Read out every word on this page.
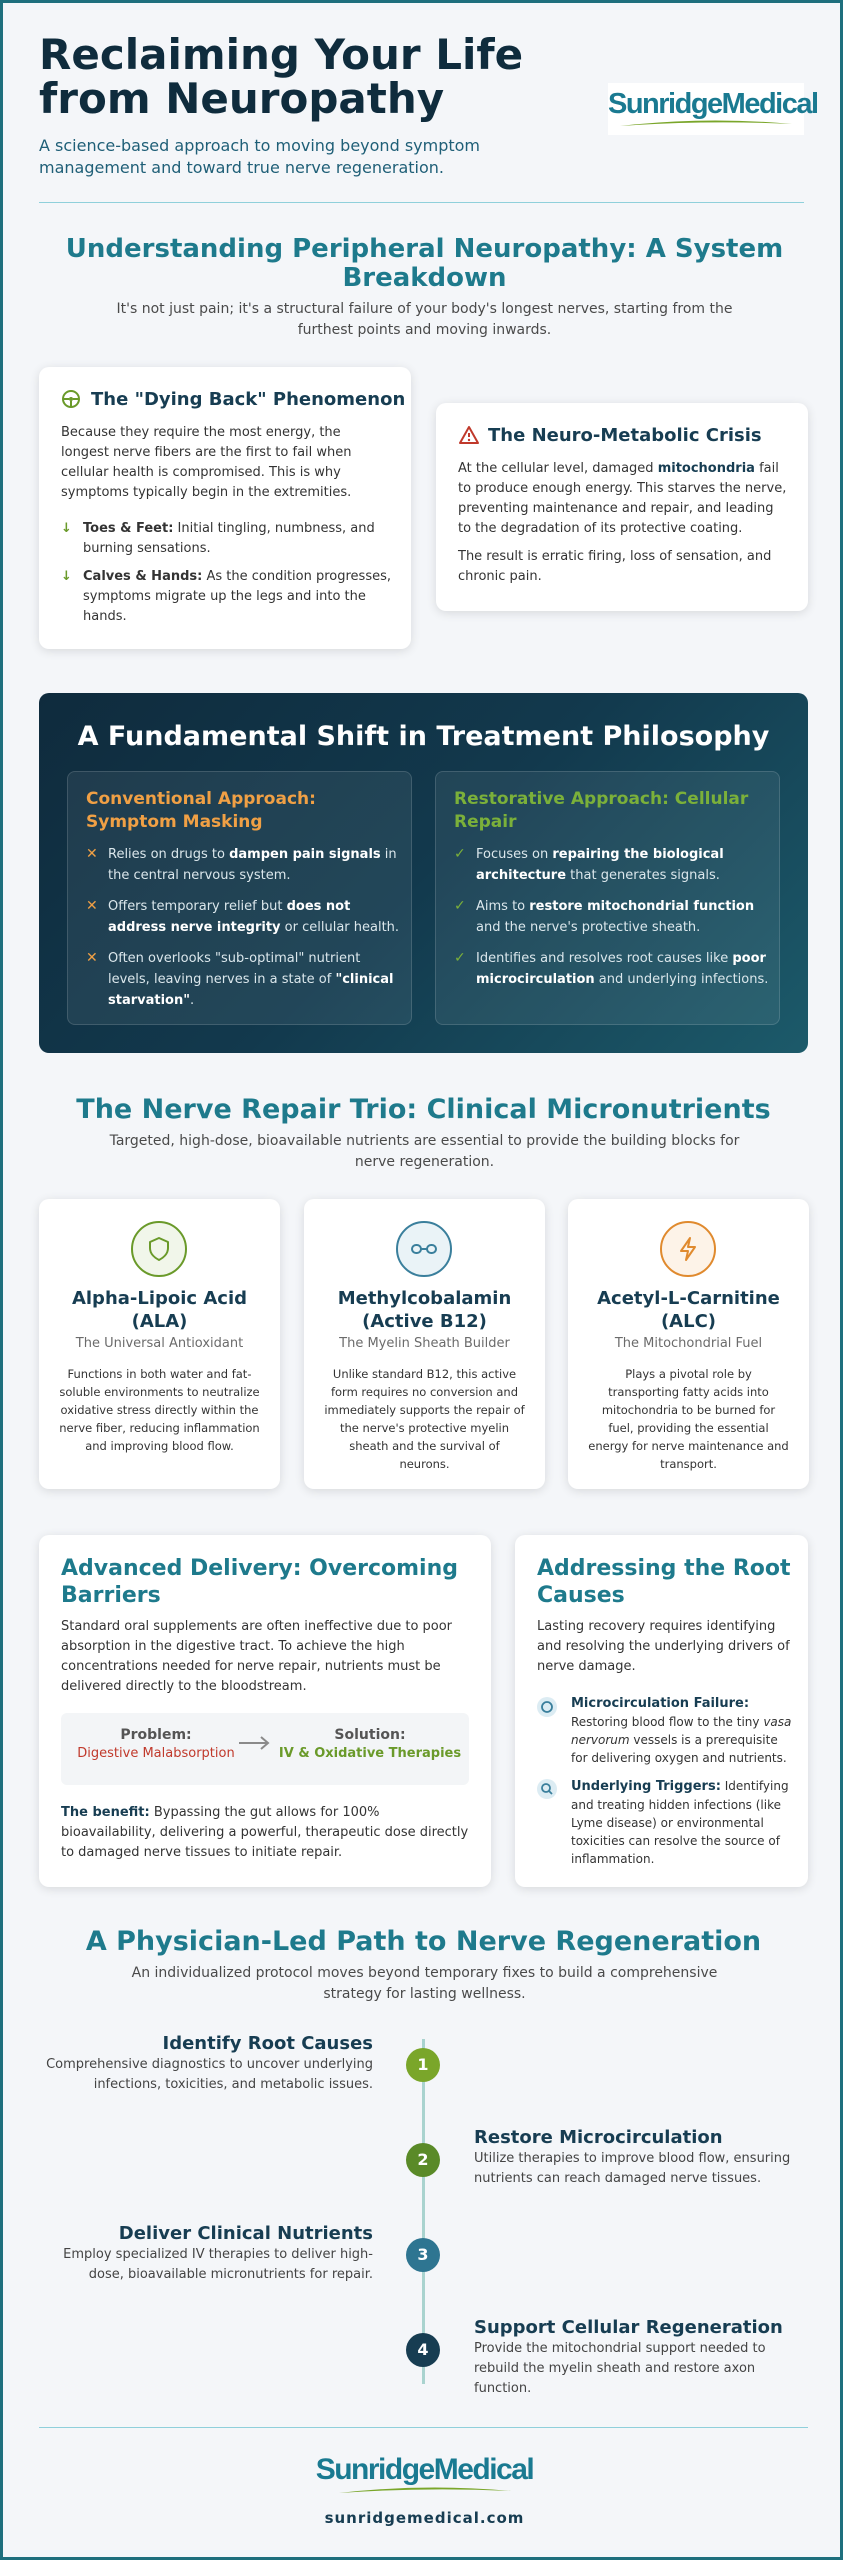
Reclaiming Your Life from Neuropathy

A science-based approach to moving beyond symptom management and toward true nerve regeneration.

SunridgeMedical
Understanding Peripheral Neuropathy: A System Breakdown

It's not just pain; it's a structural failure of your body's longest nerves, starting from the furthest points and moving inwards.

The "Dying Back" Phenomenon

Because they require the most energy, the longest nerve fibers are the first to fail when cellular health is compromised. This is why symptoms typically begin in the extremities.

↓ Toes & Feet: Initial tingling, numbness, and burning sensations.
↓ Calves & Hands: As the condition progresses, symptoms migrate up the legs and into the hands.
The Neuro-Metabolic Crisis

At the cellular level, damaged mitochondria fail to produce enough energy. This starves the nerve, preventing maintenance and repair, and leading to the degradation of its protective coating.

The result is erratic firing, loss of sensation, and chronic pain.

A Fundamental Shift in Treatment Philosophy
Conventional Approach: Symptom Masking
✕ Relies on drugs to dampen pain signals in the central nervous system.
✕ Offers temporary relief but does not address nerve integrity or cellular health.
✕ Often overlooks "sub-optimal" nutrient levels, leaving nerves in a state of "clinical starvation".
Restorative Approach: Cellular Repair
✓ Focuses on repairing the biological architecture that generates signals.
✓ Aims to restore mitochondrial function and the nerve's protective sheath.
✓ Identifies and resolves root causes like poor microcirculation and underlying infections.
The Nerve Repair Trio: Clinical Micronutrients

Targeted, high-dose, bioavailable nutrients are essential to provide the building blocks for nerve regeneration.

Alpha-Lipoic Acid (ALA)
The Universal Antioxidant
Functions in both water and fat-soluble environments to neutralize oxidative stress directly within the nerve fiber, reducing inflammation and improving blood flow.
Methylcobalamin (Active B12)
The Myelin Sheath Builder
Unlike standard B12, this active form requires no conversion and immediately supports the repair of the nerve's protective myelin sheath and the survival of neurons.
Acetyl-L-Carnitine (ALC)
The Mitochondrial Fuel
Plays a pivotal role by transporting fatty acids into mitochondria to be burned for fuel, providing the essential energy for nerve maintenance and transport.
Advanced Delivery: Overcoming Barriers

Standard oral supplements are often ineffective due to poor absorption in the digestive tract. To achieve the high concentrations needed for nerve repair, nutrients must be delivered directly to the bloodstream.

Problem:
Digestive Malabsorption
Solution:
IV & Oxidative Therapies

The benefit: Bypassing the gut allows for 100% bioavailability, delivering a powerful, therapeutic dose directly to damaged nerve tissues to initiate repair.

Addressing the Root Causes

Lasting recovery requires identifying and resolving the underlying drivers of nerve damage.

Microcirculation Failure:
Restoring blood flow to the tiny vasa nervorum vessels is a prerequisite for delivering oxygen and nutrients.
Underlying Triggers: Identifying and treating hidden infections (like Lyme disease) or environmental toxicities can resolve the source of inflammation.
A Physician-Led Path to Nerve Regeneration

An individualized protocol moves beyond temporary fixes to build a comprehensive strategy for lasting wellness.

1
Identify Root Causes
Comprehensive diagnostics to uncover underlying infections, toxicities, and metabolic issues.
2
Restore Microcirculation
Utilize therapies to improve blood flow, ensuring nutrients can reach damaged nerve tissues.
3
Deliver Clinical Nutrients
Employ specialized IV therapies to deliver high-dose, bioavailable micronutrients for repair.
4
Support Cellular Regeneration
Provide the mitochondrial support needed to rebuild the myelin sheath and restore axon function.
SunridgeMedical
sunridgemedical.com
